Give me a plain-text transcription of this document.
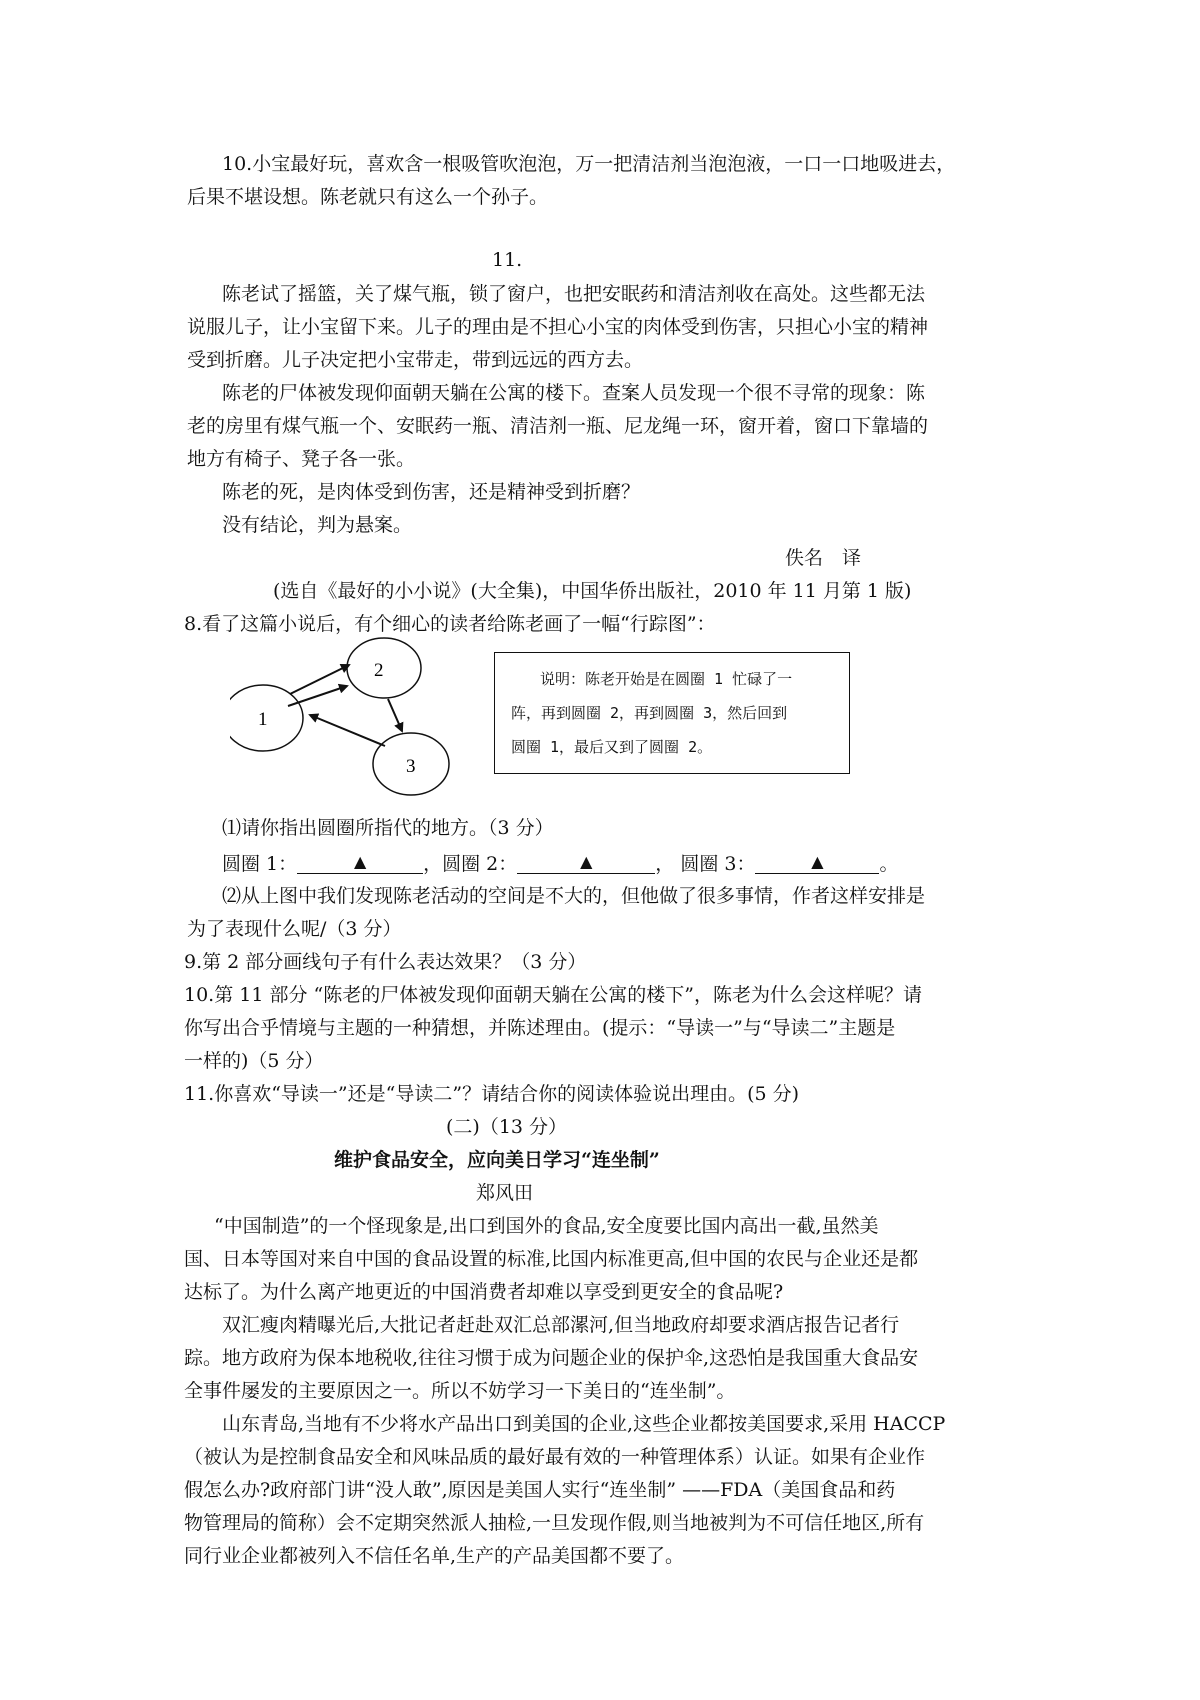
10.小宝最好玩，喜欢含一根吸管吹泡泡，万一把清洁剂当泡泡液，一口一口地吸进去，
后果不堪设想。陈老就只有这么一个孙子。
11.
陈老试了摇篮，关了煤气瓶，锁了窗户，也把安眠药和清洁剂收在高处。这些都无法
说服儿子，让小宝留下来。儿子的理由是不担心小宝的肉体受到伤害，只担心小宝的精神
受到折磨。儿子决定把小宝带走，带到远远的西方去。
陈老的尸体被发现仰面朝天躺在公寓的楼下。查案人员发现一个很不寻常的现象：陈
老的房里有煤气瓶一个、安眠药一瓶、清洁剂一瓶、尼龙绳一环，窗开着，窗口下靠墙的
地方有椅子、凳子各一张。
陈老的死，是肉体受到伤害，还是精神受到折磨？
没有结论，判为悬案。
佚名　译
(选自《最好的小小说》(大全集)，中国华侨出版社，2010 年 11 月第 1 版)
8.看了这篇小说后，有个细心的读者给陈老画了一幅“行踪图”：
1
2
3
说明：陈老开始是在圆圈 1 忙碌了一
阵，再到圆圈 2，再到圆圈 3，然后回到
圆圈 1，最后又到了圆圈 2。
⑴请你指出圆圈所指代的地方。（3 分）
圆圈 1：	▲	，圆圈 2：	▲	， 圆圈 3：	▲	。
⑵从上图中我们发现陈老活动的空间是不大的，但他做了很多事情，作者这样安排是
为了表现什么呢/（3 分）
9.第 2 部分画线句子有什么表达效果？（3 分）
10.第 11 部分 “陈老的尸体被发现仰面朝天躺在公寓的楼下”，陈老为什么会这样呢？请
你写出合乎情境与主题的一种猜想，并陈述理由。(提示：“导读一”与“导读二”主题是
一样的)（5 分）
11.你喜欢“导读一”还是“导读二”？请结合你的阅读体验说出理由。(5 分)
(二)（13 分）
维护食品安全，应向美日学习“连坐制”
郑风田
“中国制造”的一个怪现象是,出口到国外的食品,安全度要比国内高出一截,虽然美
国、日本等国对来自中国的食品设置的标准,比国内标准更高,但中国的农民与企业还是都
达标了。为什么离产地更近的中国消费者却难以享受到更安全的食品呢?
双汇瘦肉精曝光后,大批记者赶赴双汇总部漯河,但当地政府却要求酒店报告记者行
踪。地方政府为保本地税收,往往习惯于成为问题企业的保护伞,这恐怕是我国重大食品安
全事件屡发的主要原因之一。所以不妨学习一下美日的“连坐制”。
山东青岛,当地有不少将水产品出口到美国的企业,这些企业都按美国要求,采用 HACCP
（被认为是控制食品安全和风味品质的最好最有效的一种管理体系）认证。如果有企业作
假怎么办?政府部门讲“没人敢”,原因是美国人实行“连坐制” ——FDA（美国食品和药
物管理局的简称）会不定期突然派人抽检,一旦发现作假,则当地被判为不可信任地区,所有
同行业企业都被列入不信任名单,生产的产品美国都不要了。
